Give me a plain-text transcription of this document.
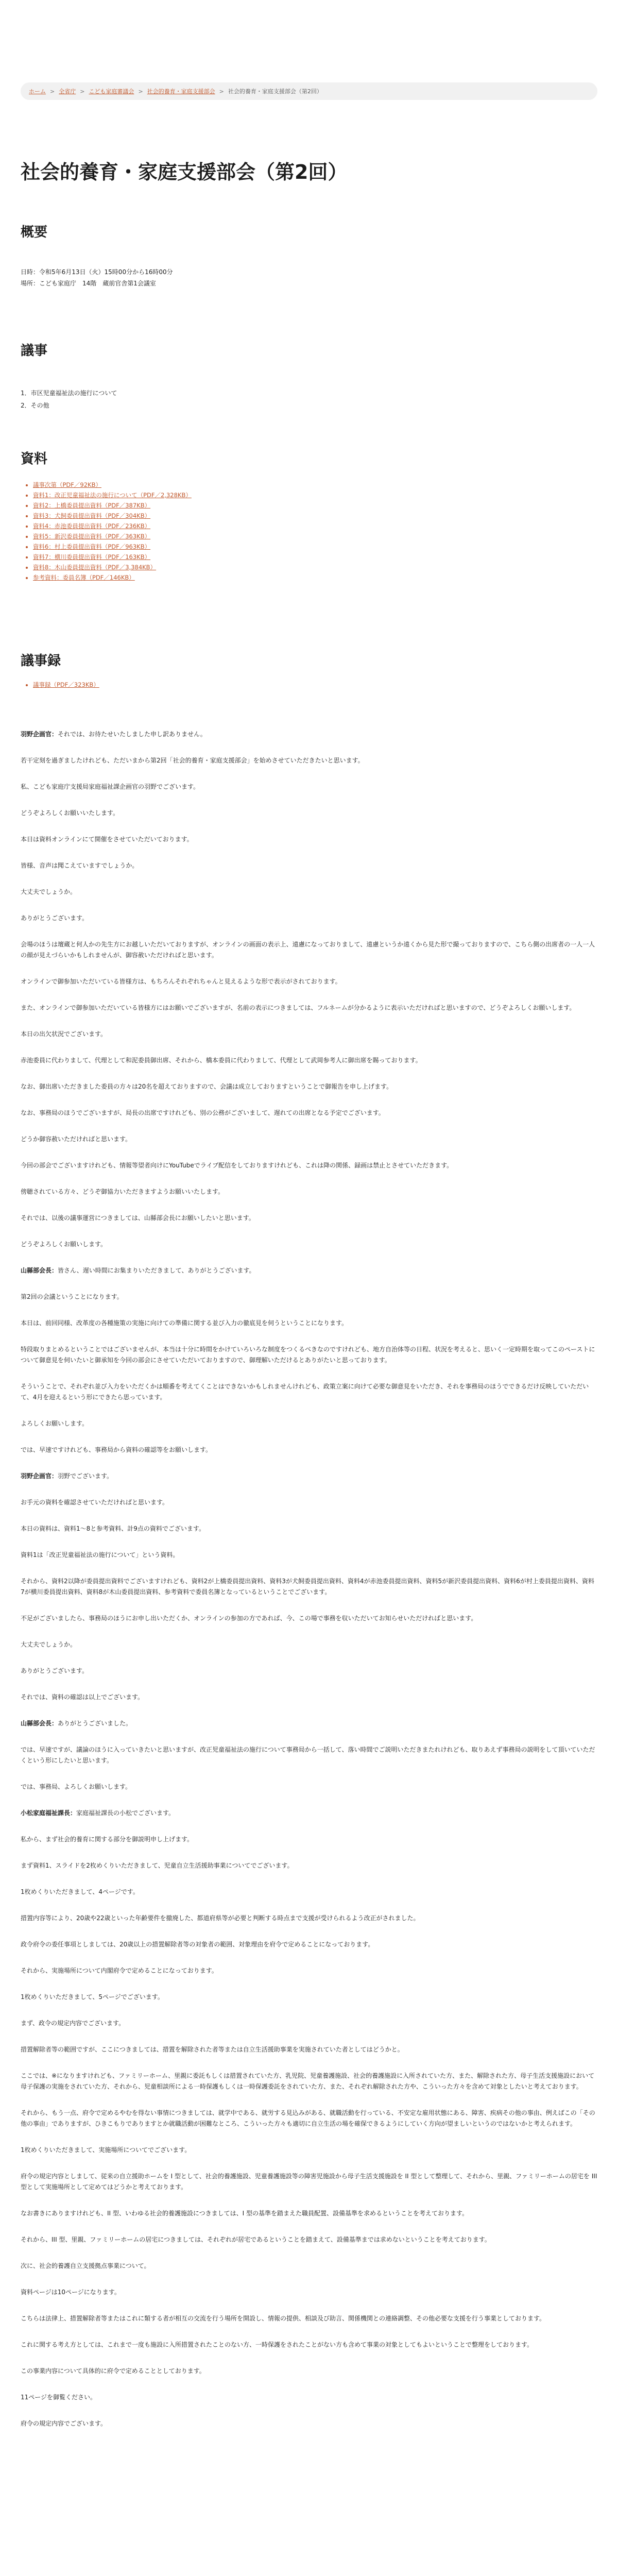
ホーム > 全省庁 > こども家庭審議会 > 社会的養育・家庭支援部会 > 社会的養育・家庭支援部会（第2回）
社会的養育・家庭支援部会（第2回）
概要

日時：令和5年6月13日（火）15時00分から16時00分

場所：こども家庭庁　14階　蔵前官舎第1会議室

議事
1．市区児童福祉法の施行について
2．その他
資料
• 議事次第（PDF／92KB）
• 資料1：改正児童福祉法の施行について（PDF／2,328KB）
• 資料2：上橋委員提出資料（PDF／387KB）
• 資料3：犬飼委員提出資料（PDF／304KB）
• 資料4：赤池委員提出資料（PDF／236KB）
• 資料5：新沢委員提出資料（PDF／363KB）
• 資料6：村上委員提出資料（PDF／963KB）
• 資料7：横川委員提出資料（PDF／163KB）
• 資料8：木山委員提出資料（PDF／3,384KB）
• 参考資料：委員名簿（PDF／146KB）
議事録
• 議事録（PDF／323KB）

羽野企画官：それでは、お待たせいたしました申し訳ありません。

若干定刻を過ぎましたけれども、ただいまから第2回「社会的養育・家庭支援部会」を始めさせていただきたいと思います。

私、こども家庭庁支援局家庭福祉課企画官の羽野でございます。

どうぞよろしくお願いいたします。

本日は資料オンラインにて開催をさせていただいております。

皆様、音声は聞こえていますでしょうか。

大丈夫でしょうか。

ありがとうございます。

会場のほうは壇蔵と何人かの先生方にお越しいただいておりますが、オンラインの画面の表示上、遠慮になっておりまして、遠慮というか遠くから見た形で撮っておりますので、こちら側の出席者の一人一人の顔が見えづらいかもしれませんが、御容赦いただければと思います。

オンラインで御参加いただいている皆様方は、もちろんそれぞれちゃんと見えるような形で表示がされております。

また、オンラインで御参加いただいている皆様方にはお願いでございますが、名前の表示につきましては、フルネームが分かるように表示いただければと思いますので、どうぞよろしくお願いします。

本日の出欠状況でございます。

赤池委員に代わりまして、代理として和泥委員御出席、それから、橋本委員に代わりまして、代理として武岡参考人に御出席を賜っております。

なお、御出席いただきました委員の方々は20名を超えておりますので、会議は成立しておりますということで御報告を申し上げます。

なお、事務局のほうでございますが、局長の出席ですけれども、別の公務がございまして、遅れての出席となる予定でございます。

どうか御容赦いただければと思います。

今回の部会でございますけれども、情報等望者向けにYouTubeでライブ配信をしておりますけれども、これは降の関係、録画は禁止とさせていただきます。

傍聴されている方々、どうぞ御協力いただきますようお願いいたします。

それでは、以後の議事運営につきましては、山縣部会長にお願いしたいと思います。

どうぞよろしくお願いします。

山縣部会長：皆さん、遅い時間にお集まりいただきまして、ありがとうございます。

第2回の会議ということになります。

本日は、前回同様、改革度の各種施策の実施に向けての準備に関する並び入力の徹底見を伺うということになります。

特段取りまとめるということではございませんが、本当は十分に時間をかけていろいろな制度をつくるべきなのですけれども、地方自治体等の日程、状況を考えると、思いく一定時期を取ってこのペーストについて御意見を伺いたいと御承知を今回の部会にさせていただいておりますので、御理解いただけるとありがたいと思っております。

そういうことで、それぞれ並び入力をいただくかは順番を考えてくことはできないかもしれませんけれども、政策立案に向けて必要な御意見をいただき、それを事務局のほうでできるだけ反映していただいて、4月を迎えるという形にできたら思っています。

よろしくお願いします。

では、早速ですけれども、事務局から資料の確認等をお願いします。

羽野企画官：羽野でございます。

お手元の資料を確認させていただければと思います。

本日の資料は、資料1〜8と参考資料、計9点の資料でございます。

資料1は「改正児童福祉法の施行について」という資料。

それから、資料2以降が委員提出資料でございますけれども、資料2が上橋委員提出資料、資料3が犬飼委員提出資料、資料4が赤池委員提出資料、資料5が新沢委員提出資料、資料6が村上委員提出資料、資料7が横川委員提出資料、資料8が木山委員提出資料、参考資料で委員名簿となっているということでございます。

不足がございましたら、事務局のほうにお申し出いただくか、オンラインの参加の方であれば、今、この場で事務を収いただいてお知らせいただければと思います。

大丈夫でしょうか。

ありがとうございます。

それでは、資料の確認は以上でございます。

山縣部会長：ありがとうございました。

では、早速ですが、議論のほうに入っていきたいと思いますが、改正児童福祉法の施行について事務局から一括して、落い時間でご説明いただきまたれけれども、取りあえず事務局の説明をして頂いていただくという形にしたいと思います。

では、事務局、よろしくお願いします。

小松家庭福祉課長：家庭福祉課長の小松でございます。

私から、まず社会的養育に関する部分を御説明申し上げます。

まず資料1、スライドを2枚めくりいただきまして、児童自立生活援助事業についてでございます。

1枚めくりいただきまして、4ページです。

措置内容等により、20歳や22歳といった年齢要件を撤廃した、都道府県等が必要と判断する時点まで支援が受けられるよう改正がされました。

政令府令の委任事項としましては、20歳以上の措置解除者等の対象者の範囲、対象理由を府令で定めることになっております。

それから、実施場所について内閣府令で定めることになっております。

1枚めくりいただきまして、5ページでございます。

まず、政令の規定内容でございます。

措置解除者等の範囲ですが、ここにつきましては、措置を解除された者等または自立生活援助事業を実施されていた者としてはどうかと。

ここでは、※になりますけれども、ファミリーホーム、里親に委託もしくは措置されていた方、乳児院、児童養護施設、社会的養護施設に入所されていた方、また、解除された方、母子生活支援施設において母子保護の実施をされていた方、それから、児童相談所による一時保護もしくは一時保護委託をされていた方、また、それぞれ解除された方や、こういった方々を含めて対象としたいと考えております。

それから、もう一点、府令で定めるやむを得ない事情につきましては、就学中である、就労する見込みがある、就職活動を行っている、不安定な雇用状態にある、障害、疾病その他の事由、例えばこの「その他の事由」でありますが、ひきこもりでありますとか就職活動が困難なところ、こういった方々も適切に自立生活の場を確保できるようにしていく方向が望ましいというのではないかと考えられます。

1枚めくりいただきまして、実施場所についてでございます。

府令の規定内容としまして、従来の自立援助ホームを I 型として、社会的養護施設、児童養護施設等の障害児施設から母子生活支援施設を II 型として整理して、それから、里親、ファミリーホームの居宅を III 型として実施場所として定めてはどうかと考えております。

なお書きにありますけれども、II 型、いわゆる社会的養護施設につきましては、I 型の基準を踏まえた職員配置、設備基準を求めるということを考えております。

それから、III 型、里親、ファミリーホームの居宅につきましては、それぞれが居宅であるということを踏まえて、設備基準までは求めないということを考えております。

次に、社会的養護自立支援拠点事業について。

資料ページは10ページになります。

こちらは法律上、措置解除者等またはこれに類する者が相互の交流を行う場所を開設し、情報の提供、相談及び助言、関係機関との連絡調整、その他必要な支援を行う事業としております。

これに関する考え方としては、これまで一度も施設に入所措置されたことのない方、一時保護をされたことがない方も含めて事業の対象としてもよいということで整理をしております。

この事業内容について具体的に府令で定めることとしております。

11ページを御覧ください。

府令の規定内容でございます。
